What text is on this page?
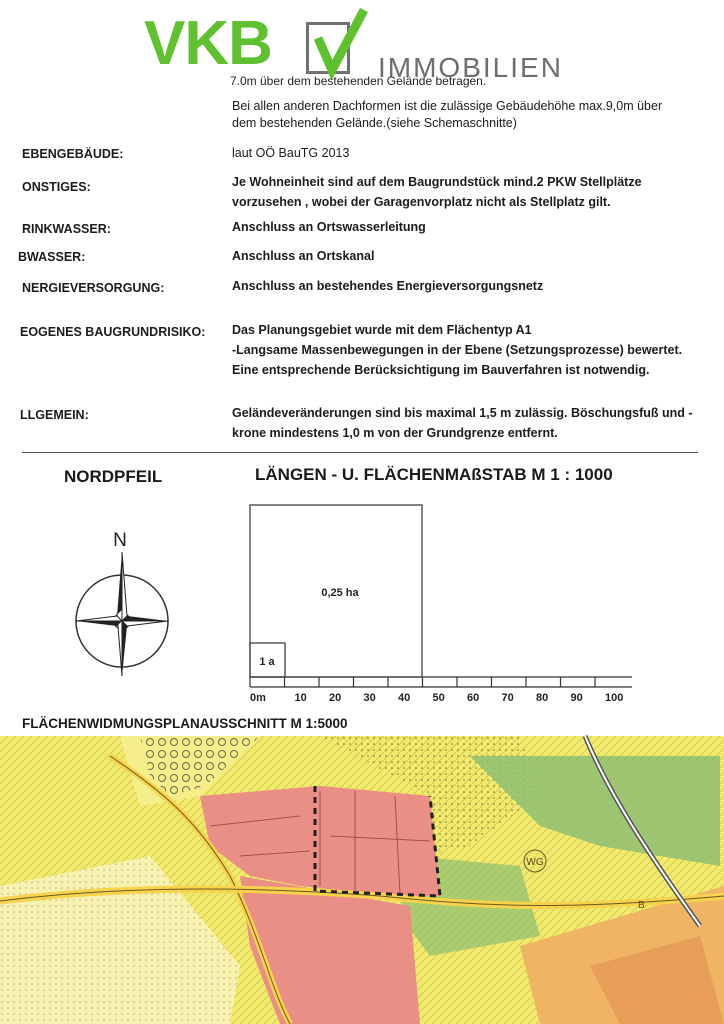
VKB	IMMOBILIEN
7.0m über dem bestehenden Gelände betragen.
Bei allen anderen Dachformen ist die zulässige Gebäudehöhe max.9,0m über
dem bestehenden Gelände.(siehe Schemaschnitte)
EBENGEBÄUDE:	laut OÖ BauTG 2013
ONSTIGES:	Je Wohneinheit sind auf dem Baugrundstück mind.2 PKW Stellplätze
vorzusehen , wobei der Garagenvorplatz nicht als Stellplatz gilt.
RINKWASSER:	Anschluss an Ortswasserleitung
BWASSER:	Anschluss an Ortskanal
NERGIEVERSORGUNG:	Anschluss an bestehendes Energieversorgungsnetz
EOGENES BAUGRUNDRISIKO: Das Planungsgebiet wurde mit dem Flächentyp A1
-Langsame Massenbewegungen in der Ebene (Setzungsprozesse) bewertet.
Eine entsprechende Berücksichtigung im Bauverfahren ist notwendig.
LLGEMEIN:	Geländeveränderungen sind bis maximal 1,5 m zulässig. Böschungsfuß und -
krone mindestens 1,0 m von der Grundgrenze entfernt.
NORDPFEIL
N
LÄNGEN - U. FLÄCHENMAßSTAB M 1 : 1000
0,25 ha
1 a
0m	10 20 30 40 50 60 70 80 90 100
FLÄCHENWIDMUNGSPLANAUSSCHNITT M 1:5000
WG
B
